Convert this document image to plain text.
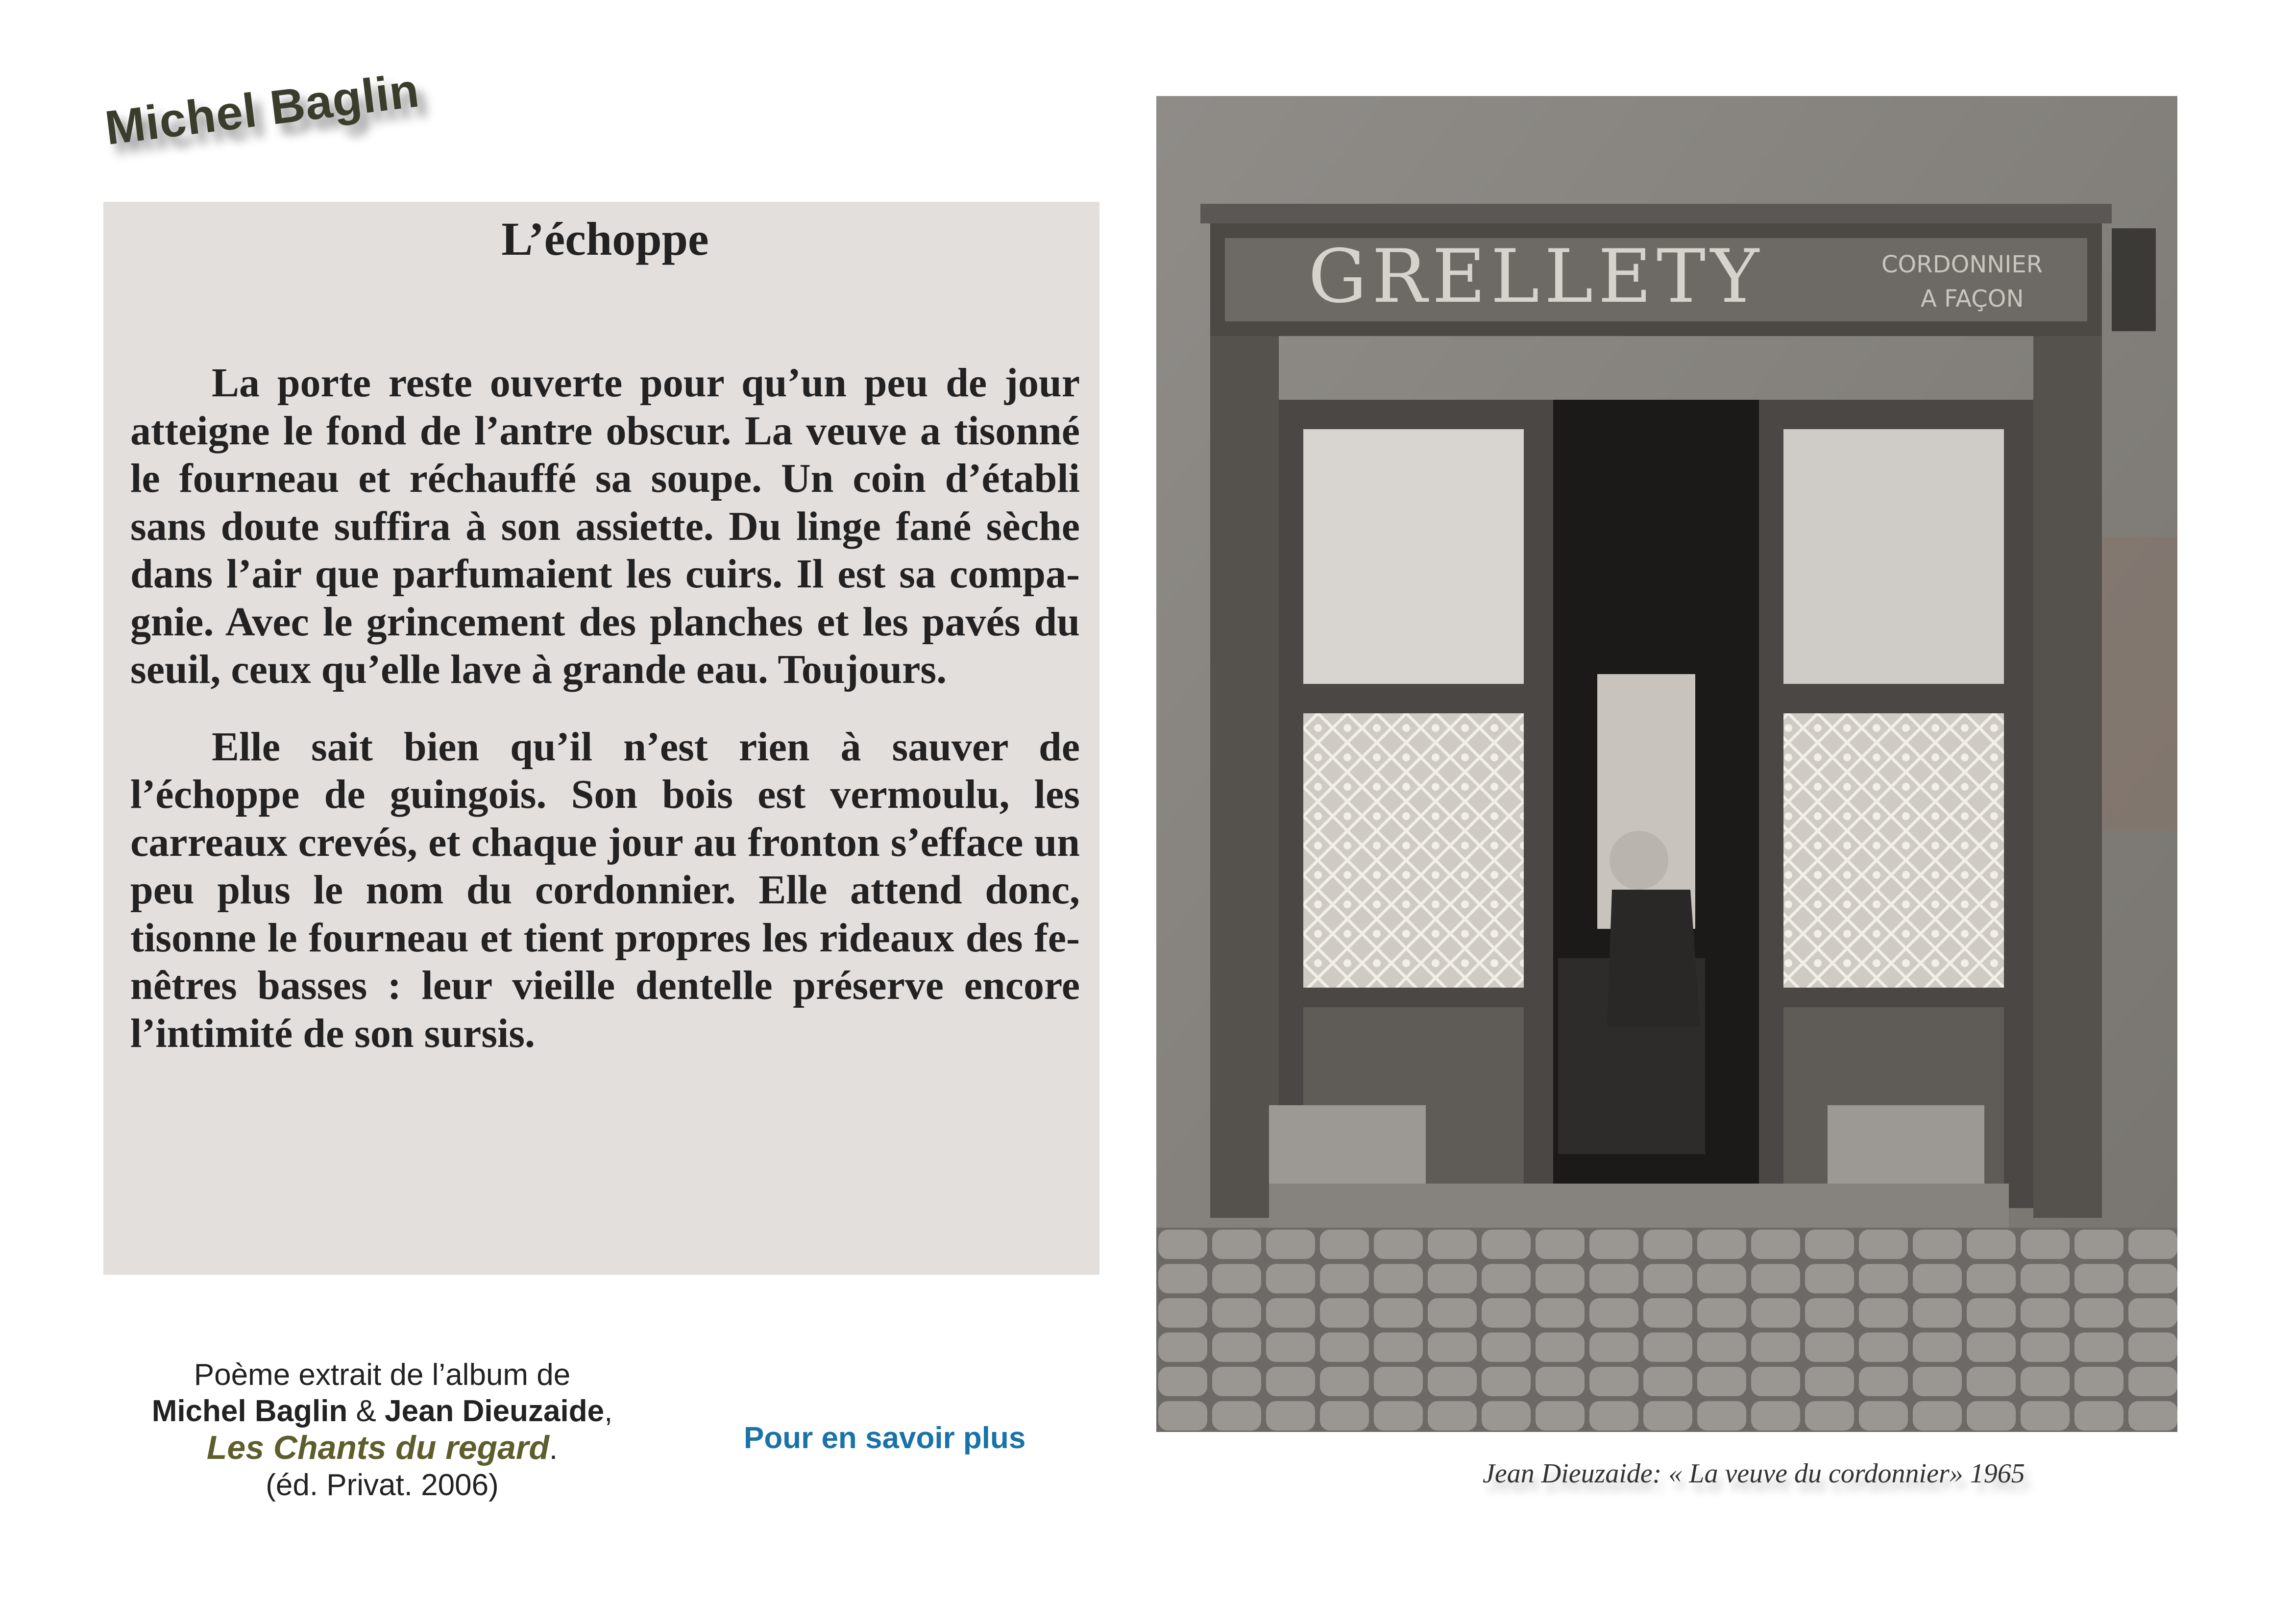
Michel Baglin
L’échoppe

La porte reste ouverte pour qu’un peu de jour atteigne le fond de l’antre obscur. La veuve a tisonné le fourneau et réchauffé sa soupe. Un coin d’établi sans doute suffira à son assiette. Du linge fané sèche dans l’air que parfumaient les cuirs. Il est sa compagnie. Avec le grincement des planches et les pavés du seuil, ceux qu’elle lave à grande eau. Toujours.

Elle sait bien qu’il n’est rien à sauver de l’échoppe de guingois. Son bois est vermoulu, les carreaux crevés, et chaque jour au fronton s’efface un peu plus le nom du cordonnier. Elle attend donc, tisonne le fourneau et tient propres les rideaux des fenêtres basses : leur vieille dentelle préserve encore l’intimité de son sursis.

GRELLETY	CORDONNIER
A FAÇON
Jean Dieuzaide: « La veuve du cordonnier» 1965
Poème extrait de l’album de
Michel Baglin & Jean Dieuzaide,
Les Chants du regard.
(éd. Privat. 2006)
Pour en savoir plus
